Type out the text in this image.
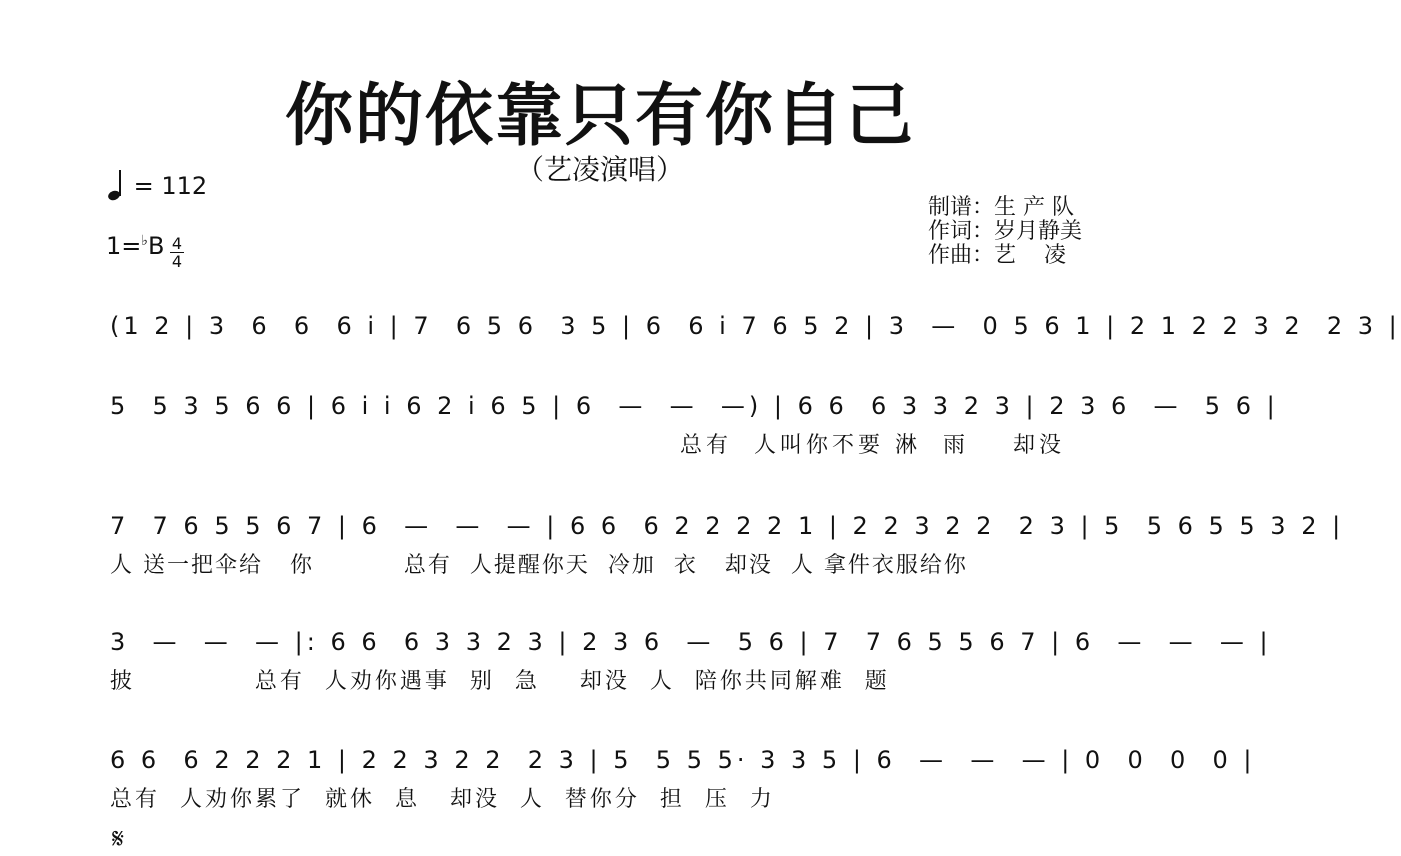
你的依靠只有你自己
（艺凌演唱）
= 112
1=♭B 4
4
制谱：生 产 队
作词：岁月静美
作曲：艺    凌
(1 2 | 3  6  6  6 i | 7  6 5 6  3 5 | 6  6 i 7 6 5 2 | 3  —  0 5 6 1 | 2 1 2 2 3 2  2 3 |
5  5 3 5 6 6 | 6 i i 6 2 i 6 5 | 6  —  —  —) | 6 6  6 3 3 2 3 | 2 3 6  —  5 6 |
总有  人叫你不要 淋  雨    却没
7  7 6 5 5 6 7 | 6  —  —  — | 6 6  6 2 2 2 2 1 | 2 2 3 2 2  2 3 | 5  5 6 5 5 3 2 |
人 送一把伞给   你          总有  人提醒你天  冷加  衣   却没  人 拿件衣服给你
3  —  —  — |: 6 6  6 3 3 2 3 | 2 3 6  —  5 6 | 7  7 6 5 5 6 7 | 6  —  —  — |
披            总有  人劝你遇事  别  急    却没  人  陪你共同解难  题
6 6  6 2 2 2 1 | 2 2 3 2 2  2 3 | 5  5 5 5· 3 3 5 | 6  —  —  — | 0  0  0  0 |
总有  人劝你累了  就休  息   却没  人  替你分  担  压  力
𝄋
